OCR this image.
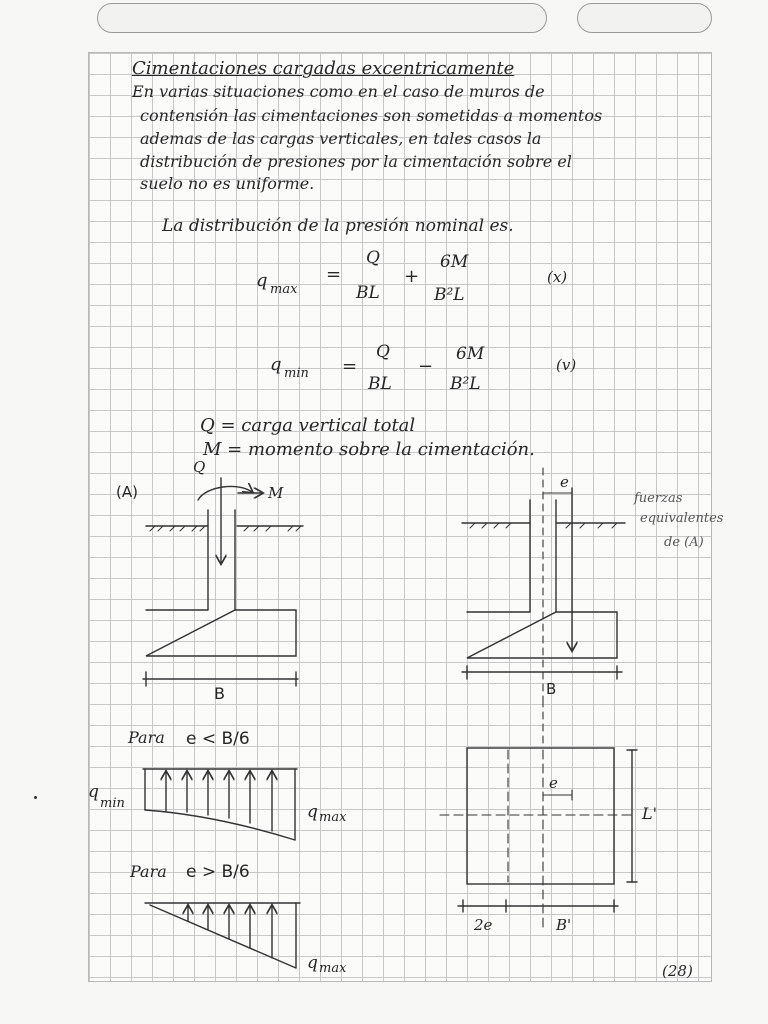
Cimentaciones cargadas excentricamente
En varias situaciones como en el caso de muros de
contensión las cimentaciones son sometidas a momentos
ademas de las cargas verticales, en tales casos la
distribución de presiones por la cimentación sobre el
suelo no es uniforme.
La distribución de la presión nominal es.
q max
=
Q
BL
+
6M
B²L
(x)
q min =
Q
BL
−
6M
B²L
(v)
Q = carga vertical total
M = momento sobre la cimentación.
(A)
Q
M
B
e
fuerzas
equivalentes
de (A)
B
Para e < B/6
q
min	q max
Para e > B/6
q max
e
L'
2e	B'
(28)
